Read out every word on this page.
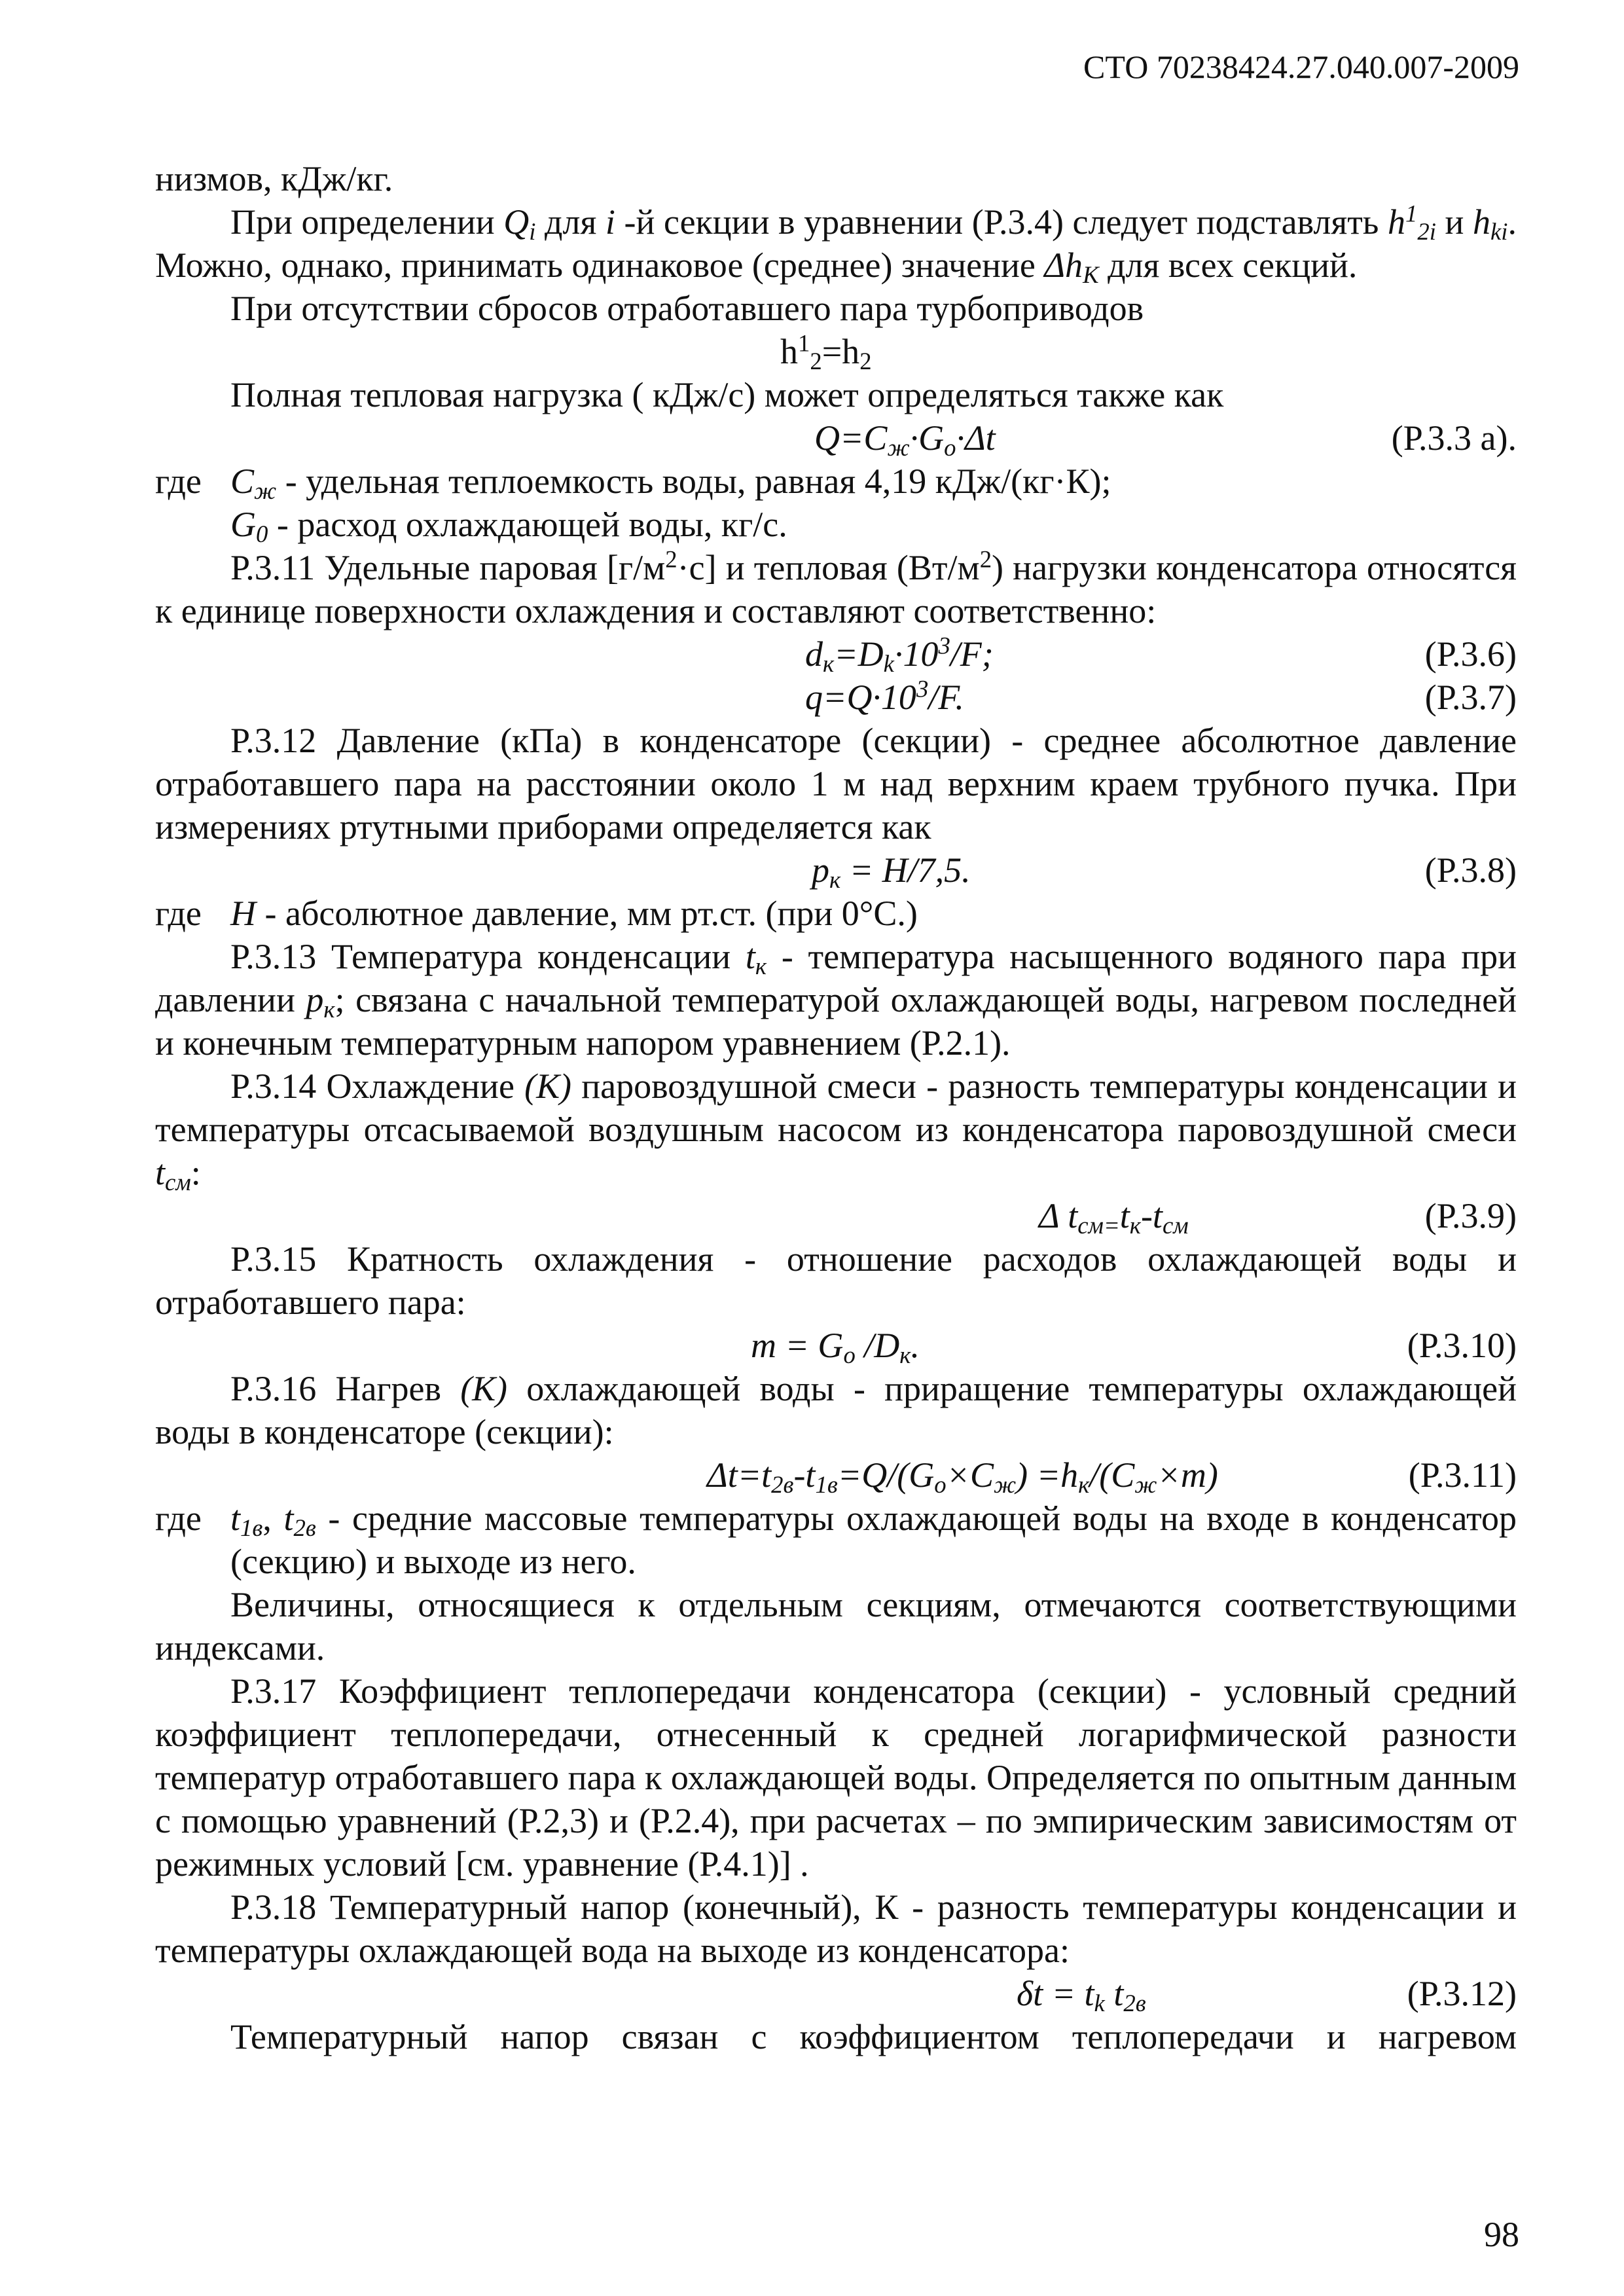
СТО 70238424.27.040.007-2009

низмов, кДж/кг.

При определении $Q_i$ для i -й секции в уравнении (Р.3.4) следует подставлять $h^1_{2i}$ и $h_{ki}$. Можно, однако, принимать одинаковое (среднее) значение $\Delta h_K$ для всех секций.

При отсутствии сбросов отработавшего пара турбоприводов

$h^1_2=h_2$

Полная тепловая нагрузка ( кДж/с) может определяться также как

$Q=C_ж\cdot G_o\cdot\Delta t$	(Р.3.3 а).

где $C_ж$ - удельная теплоемкость воды, равная 4,19 кДж/(кг·К);

$G_0$ - расход охлаждающей воды, кг/с.

Р.3.11 Удельные паровая $[г/м^2\cdot с]$ и тепловая $(Вт/м^2)$ нагрузки конденсатора относятся к единице поверхности охлаждения и составляют соответственно:

$d_к=D_k\cdot 10^3/F$;	(Р.3.6)
$q=Q\cdot 10^3/F$.	(Р.3.7)

Р.3.12 Давление (кПа) в конденсаторе (секции) - среднее абсолютное давление отработавшего пара на расстоянии около 1 м над верхним краем трубного пучка. При измерениях ртутными приборами определяется как

$p_к = H/7,5$.	(Р.3.8)

где H - абсолютное давление, мм рт.ст. (при 0°С.)

Р.3.13 Температура конденсации $t_к$ - температура насыщенного водяного пара при давлении $p_к$; связана с начальной температурой охлаждающей воды, нагревом последней и конечным температурным напором уравнением (Р.2.1).

Р.3.14 Охлаждение (К) паровоздушной смеси - разность температуры конденсации и температуры отсасываемой воздушным насосом из конденсатора паровоздушной смеси $t_{см}$:

Δ $t_{см=}t_к-t_{см}$	(Р.3.9)

Р.3.15 Кратность охлаждения - отношение расходов охлаждающей воды и отработавшего пара:

$m = G_o$ $/D_к$.	(Р.3.10)

Р.3.16 Нагрев (К) охлаждающей воды - приращение температуры охлаждающей воды в конденсаторе (секции):

$\Delta t=t_{2в}-t_{1в}=Q/(G_o\times C_ж) =h_к/(C_ж\times m)$	(Р.3.11)

где $t_{1в}$, $t_{2в}$ - средние массовые температуры охлаждающей воды на входе в конденсатор (секцию) и выходе из него.

Величины, относящиеся к отдельным секциям, отмечаются соответствующими индексами.

Р.3.17 Коэффициент теплопередачи конденсатора (секции) - условный средний коэффициент теплопередачи, отнесенный к средней логарифмической разности температур отработавшего пара к охлаждающей воды. Определяется по опытным данным с помощью уравнений (Р.2,3) и (Р.2.4), при расчетах – по эмпирическим зависимостям от режимных условий [см. уравнение (Р.4.1)] .

Р.3.18 Температурный напор (конечный), К - разность температуры конденсации и температуры охлаждающей вода на выходе из конденсатора:

$\delta t = t_k$ $t_{2в}$	(Р.3.12)

Температурный напор связан с коэффициентом теплопередачи и нагревом

98
